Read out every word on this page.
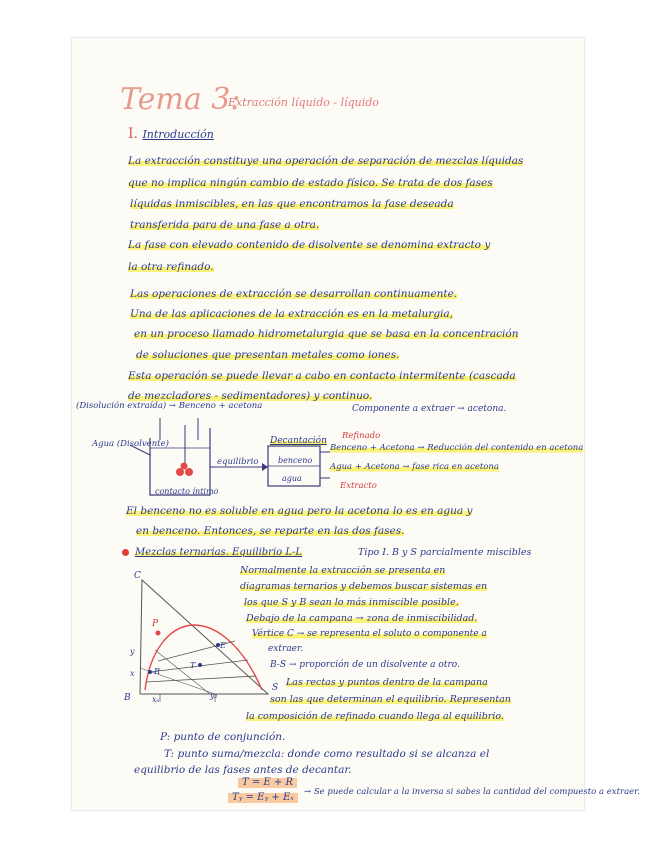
Tema 3:
Extracción líquido - líquido
I. Introducción
La extracción constituye una operación de separación de mezclas líquidas
que no implica ningún cambio de estado físico. Se trata de dos fases
líquidas inmiscibles, en las que encontramos la fase deseada
transferida para de una fase a otra.
La fase con elevado contenido de disolvente se denomina extracto y
la otra refinado.
Las operaciones de extracción se desarrollan continuamente.
Una de las aplicaciones de la extracción es en la metalurgia,
en un proceso llamado hidrometalurgia que se basa en la concentración
de soluciones que presentan metales como iones.
Esta operación se puede llevar a cabo en contacto intermitente (cascada
de mezcladores - sedimentadores) y continuo.
(Disolución extraída) → Benceno + acetona
Agua (Disolvente)
contacto íntimo
equilibrio
Decantación
benceno
agua
Componente a extraer → acetona.
Refinado
Benceno + Acetona → Reducción del contenido en acetona
Agua + Acetona → fase rica en acetona
Extracto
El benceno no es soluble en agua pero la acetona lo es en agua y
en benceno. Entonces, se reparte en las dos fases.
Mezclas ternarias. Equilibrio L-L	Tipo I. B y S parcialmente miscibles
C
B
S
P
E
R
T
y
x
xₛ	y₁
Normalmente la extracción se presenta en
diagramas ternarios y debemos buscar sistemas en
los que S y B sean lo más inmiscible posible.
Debajo de la campana → zona de inmiscibilidad.
Vértice C → se representa el soluto o componente a
extraer.
B-S → proporción de un disolvente a otro.
Las rectas y puntos dentro de la campana
son las que determinan el equilibrio. Representan
la composición de refinado cuando llega al equilibrio.
P: punto de conjunción.
T: punto suma/mezcla: donde como resultado si se alcanza el
equilibrio de las fases antes de decantar.
T = E + R
Tᵧ = Eᵧ + Eₓ	→ Se puede calcular a la inversa si sabes la cantidad del compuesto a extraer.
